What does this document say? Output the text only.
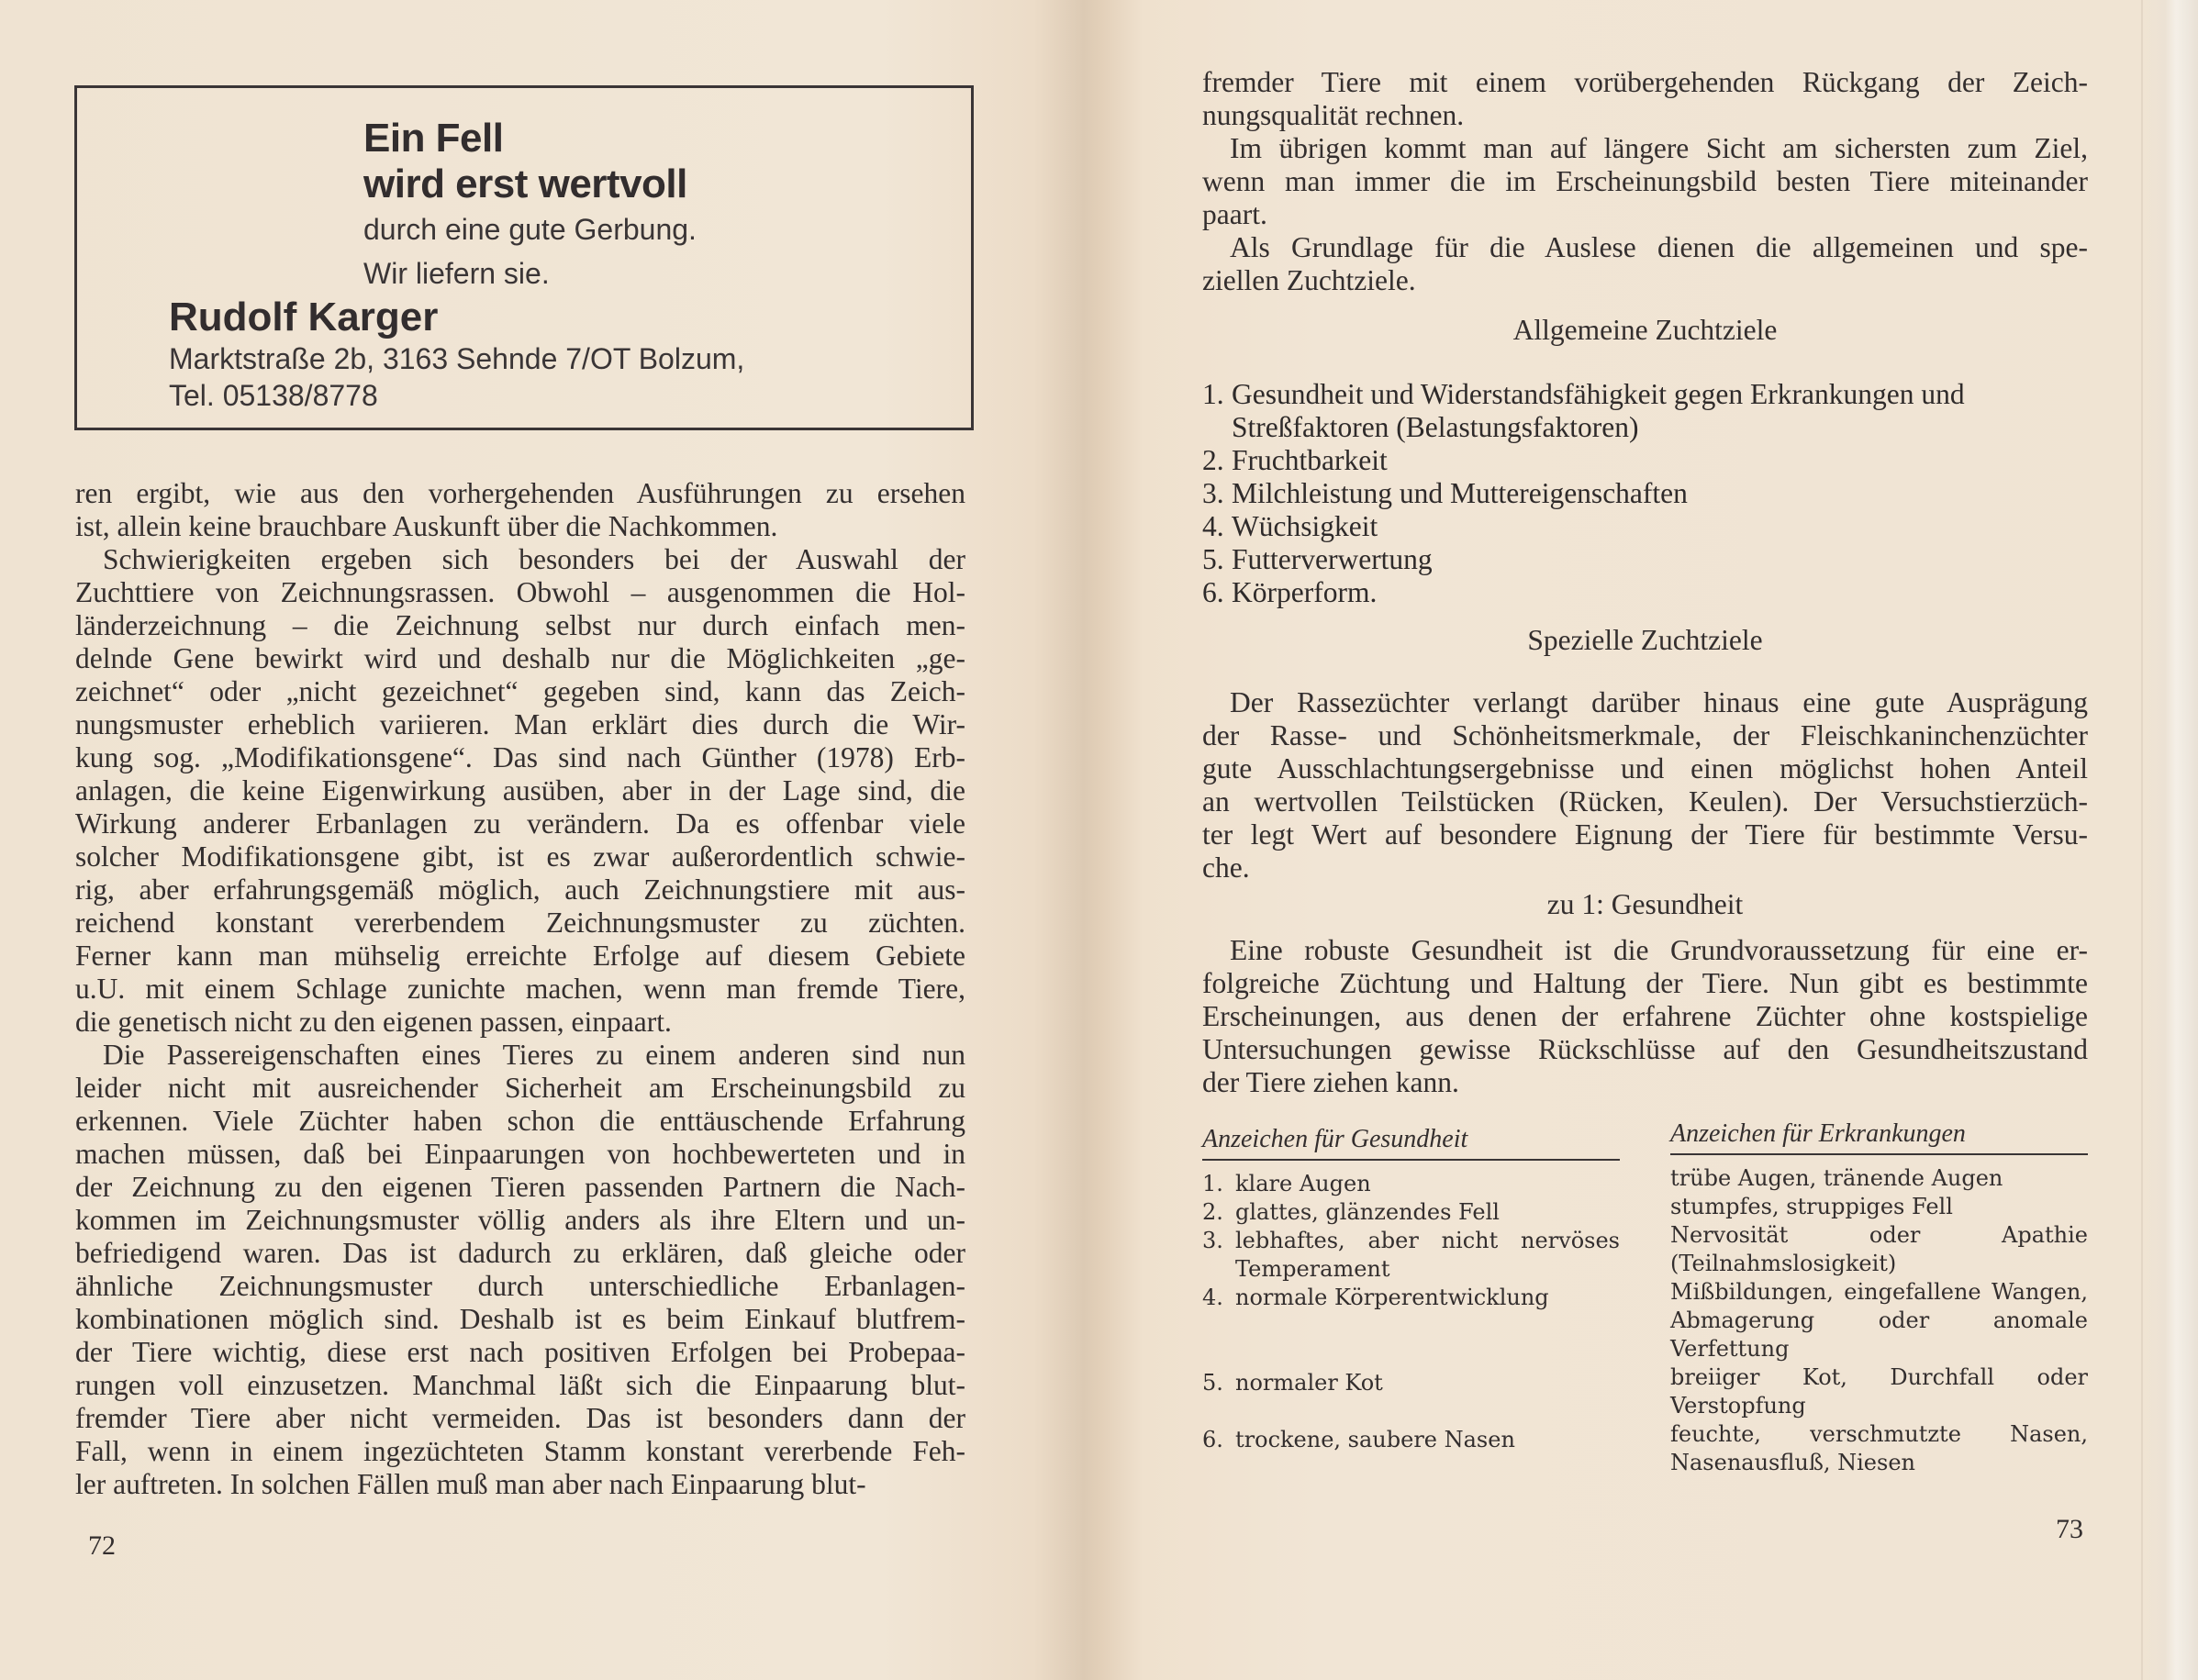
Ein Fell
wird erst wertvoll
durch eine gute Gerbung.
Wir liefern sie.
Rudolf Karger
Marktstraße 2b, 3163 Sehnde 7/OT Bolzum,
Tel. 05138/8778
ren ergibt, wie aus den vorhergehenden Ausführungen zu ersehen
ist, allein keine brauchbare Auskunft über die Nachkommen.
Schwierigkeiten ergeben sich besonders bei der Auswahl der
Zuchttiere von Zeichnungsrassen. Obwohl – ausgenommen die Hol-
länderzeichnung – die Zeichnung selbst nur durch einfach men-
delnde Gene bewirkt wird und deshalb nur die Möglichkeiten „ge-
zeichnet“ oder „nicht gezeichnet“ gegeben sind, kann das Zeich-
nungsmuster erheblich variieren. Man erklärt dies durch die Wir-
kung sog. „Modifikationsgene“. Das sind nach Günther (1978) Erb-
anlagen, die keine Eigenwirkung ausüben, aber in der Lage sind, die
Wirkung anderer Erbanlagen zu verändern. Da es offenbar viele
solcher Modifikationsgene gibt, ist es zwar außerordentlich schwie-
rig, aber erfahrungsgemäß möglich, auch Zeichnungstiere mit aus-
reichend konstant vererbendem Zeichnungsmuster zu züchten.
Ferner kann man mühselig erreichte Erfolge auf diesem Gebiete
u.U. mit einem Schlage zunichte machen, wenn man fremde Tiere,
die genetisch nicht zu den eigenen passen, einpaart.
Die Passereigenschaften eines Tieres zu einem anderen sind nun
leider nicht mit ausreichender Sicherheit am Erscheinungsbild zu
erkennen. Viele Züchter haben schon die enttäuschende Erfahrung
machen müssen, daß bei Einpaarungen von hochbewerteten und in
der Zeichnung zu den eigenen Tieren passenden Partnern die Nach-
kommen im Zeichnungsmuster völlig anders als ihre Eltern und un-
befriedigend waren. Das ist dadurch zu erklären, daß gleiche oder
ähnliche Zeichnungsmuster durch unterschiedliche Erbanlagen-
kombinationen möglich sind. Deshalb ist es beim Einkauf blutfrem-
der Tiere wichtig, diese erst nach positiven Erfolgen bei Probepaa-
rungen voll einzusetzen. Manchmal läßt sich die Einpaarung blut-
fremder Tiere aber nicht vermeiden. Das ist besonders dann der
Fall, wenn in einem ingezüchteten Stamm konstant vererbende Feh-
ler auftreten. In solchen Fällen muß man aber nach Einpaarung blut-
72
fremder Tiere mit einem vorübergehenden Rückgang der Zeich-
nungsqualität rechnen.
Im übrigen kommt man auf längere Sicht am sichersten zum Ziel,
wenn man immer die im Erscheinungsbild besten Tiere miteinander
paart.
Als Grundlage für die Auslese dienen die allgemeinen und spe-
ziellen Zuchtziele.
Allgemeine Zuchtziele
1. Gesundheit und Widerstandsfähigkeit gegen Erkrankungen und
Streßfaktoren (Belastungsfaktoren)
2. Fruchtbarkeit
3. Milchleistung und Muttereigenschaften
4. Wüchsigkeit
5. Futterverwertung
6. Körperform.
Spezielle Zuchtziele
Der Rassezüchter verlangt darüber hinaus eine gute Ausprägung
der Rasse- und Schönheitsmerkmale, der Fleischkaninchenzüchter
gute Ausschlachtungsergebnisse und einen möglichst hohen Anteil
an wertvollen Teilstücken (Rücken, Keulen). Der Versuchstierzüch-
ter legt Wert auf besondere Eignung der Tiere für bestimmte Versu-
che.
zu 1: Gesundheit
Eine robuste Gesundheit ist die Grundvoraussetzung für eine er-
folgreiche Züchtung und Haltung der Tiere. Nun gibt es bestimmte
Erscheinungen, aus denen der erfahrene Züchter ohne kostspielige
Untersuchungen gewisse Rückschlüsse auf den Gesundheitszustand
der Tiere ziehen kann.
Anzeichen für Gesundheit
1. klare Augen
2. glattes, glänzendes Fell
3. lebhaftes, aber nicht nervöses Temperament
4. normale Körperentwicklung
5. normaler Kot
6. trockene, saubere Nasen
Anzeichen für Erkrankungen
trübe Augen, tränende Augen
stumpfes, struppiges Fell
Nervosität oder Apathie (Teilnahmslosigkeit)
Mißbildungen, eingefallene Wangen, Abmagerung oder anomale Verfettung
breiiger Kot, Durchfall oder Verstopfung
feuchte, verschmutzte Nasen, Nasenausfluß, Niesen
73
